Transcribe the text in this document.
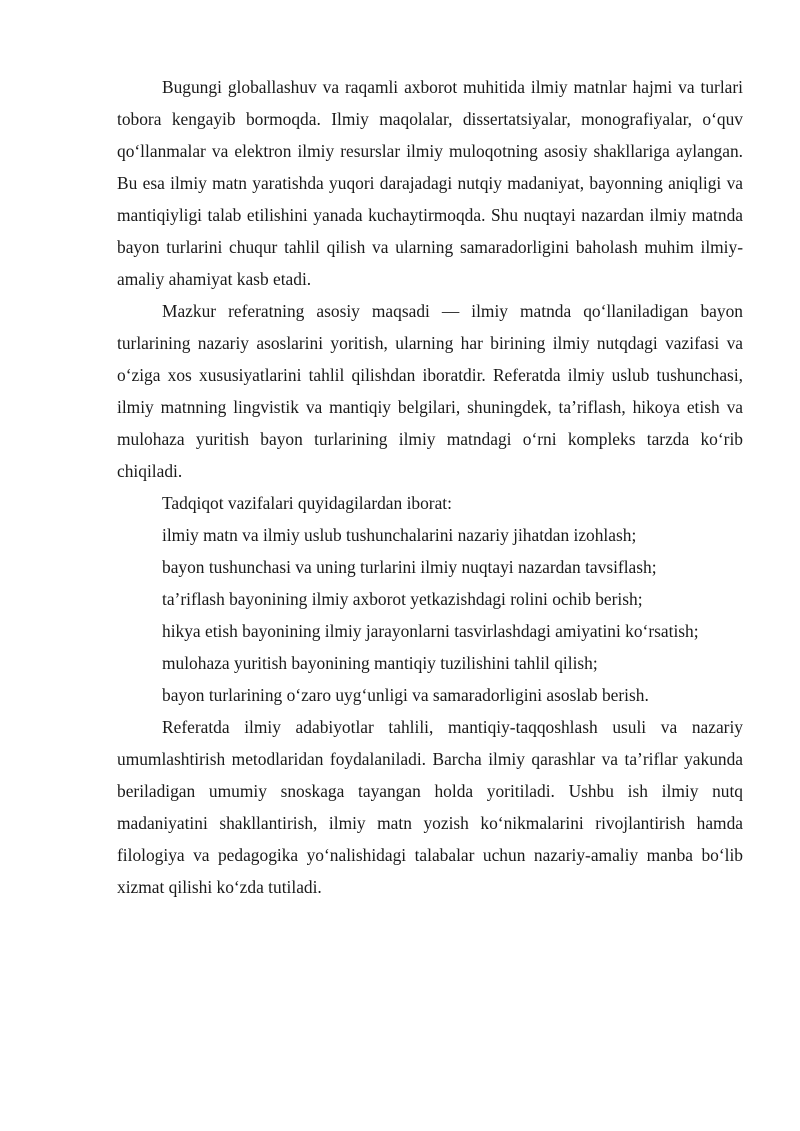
Bugungi globallashuv va raqamli axborot muhitida ilmiy matnlar hajmi va turlari tobora kengayib bormoqda. Ilmiy maqolalar, dissertatsiyalar, monografiyalar, o‘quv qo‘llanmalar va elektron ilmiy resurslar ilmiy muloqotning asosiy shakllariga aylangan. Bu esa ilmiy matn yaratishda yuqori darajadagi nutqiy madaniyat, bayonning aniqligi va mantiqiyligi talab etilishini yanada kuchaytirmoqda. Shu nuqtayi nazardan ilmiy matnda bayon turlarini chuqur tahlil qilish va ularning samaradorligini baholash muhim ilmiy-amaliy ahamiyat kasb etadi.

Mazkur referatning asosiy maqsadi — ilmiy matnda qo‘llaniladigan bayon turlarining nazariy asoslarini yoritish, ularning har birining ilmiy nutqdagi vazifasi va o‘ziga xos xususiyatlarini tahlil qilishdan iboratdir. Referatda ilmiy uslub tushunchasi, ilmiy matnning lingvistik va mantiqiy belgilari, shuningdek, ta’riflash, hikoya etish va mulohaza yuritish bayon turlarining ilmiy matndagi o‘rni kompleks tarzda ko‘rib chiqiladi.

Tadqiqot vazifalari quyidagilardan iborat:

ilmiy matn va ilmiy uslub tushunchalarini nazariy jihatdan izohlash;
bayon tushunchasi va uning turlarini ilmiy nuqtayi nazardan tavsiflash;
ta’riflash bayonining ilmiy axborot yetkazishdagi rolini ochib berish;
hikya etish bayonining ilmiy jarayonlarni tasvirlashdagi amiyatini ko‘rsatish;
mulohaza yuritish bayonining mantiqiy tuzilishini tahlil qilish;
bayon turlarining o‘zaro uyg‘unligi va samaradorligini asoslab berish.

Referatda ilmiy adabiyotlar tahlili, mantiqiy-taqqoshlash usuli va nazariy umumlashtirish metodlaridan foydalaniladi. Barcha ilmiy qarashlar va ta’riflar yakunda beriladigan umumiy snoskaga tayangan holda yoritiladi. Ushbu ish ilmiy nutq madaniyatini shakllantirish, ilmiy matn yozish ko‘nikmalarini rivojlantirish hamda filologiya va pedagogika yo‘nalishidagi talabalar uchun nazariy-amaliy manba bo‘lib xizmat qilishi ko‘zda tutiladi.
